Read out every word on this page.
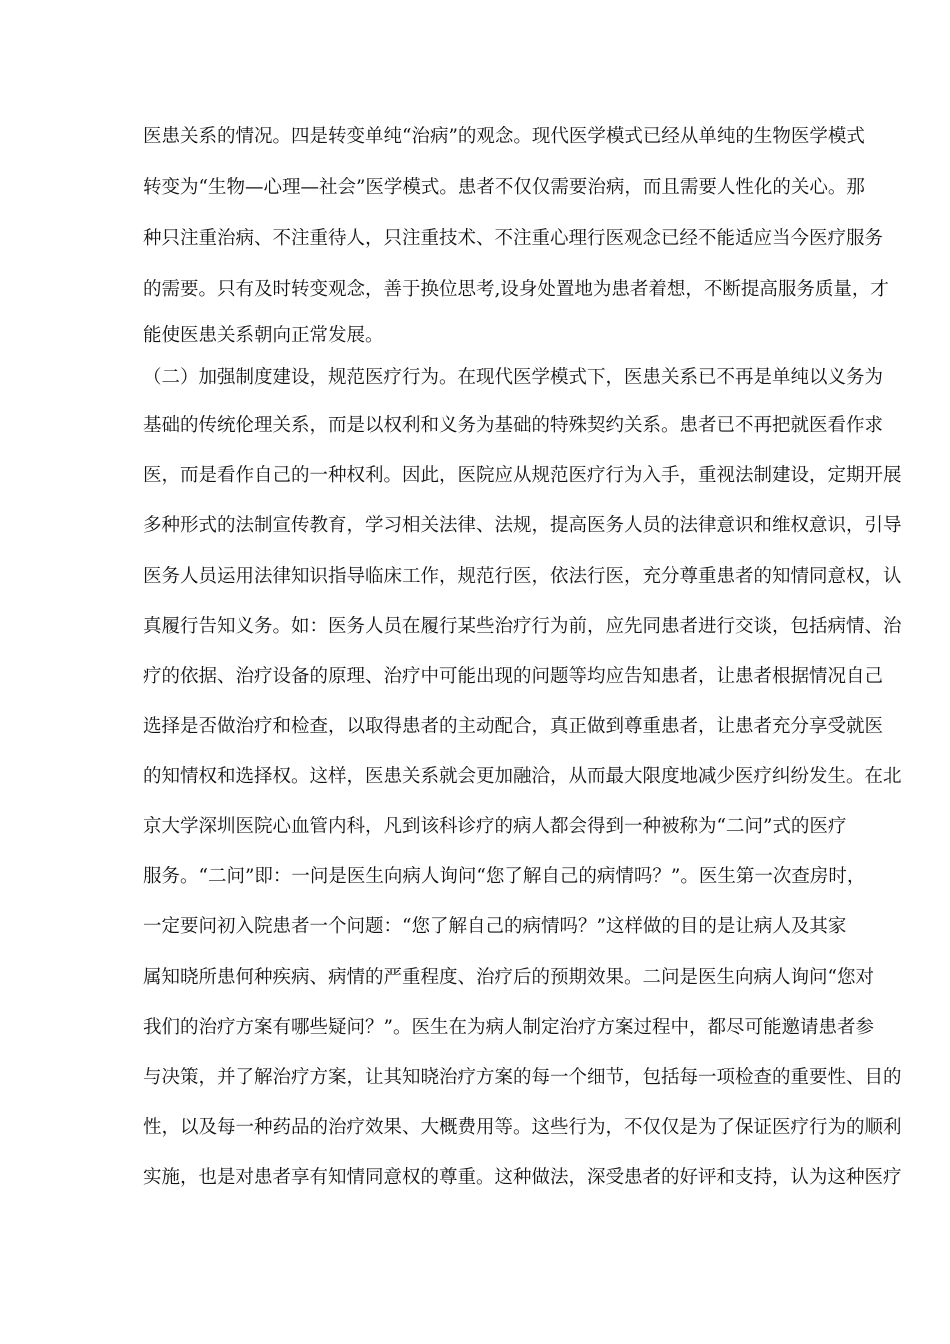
医患关系的情况。四是转变单纯“治病”的观念。现代医学模式已经从单纯的生物医学模式
转变为“生物—心理—社会”医学模式。患者不仅仅需要治病，而且需要人性化的关心。那
种只注重治病、不注重待人，只注重技术、不注重心理行医观念已经不能适应当今医疗服务
的需要。只有及时转变观念，善于换位思考,设身处置地为患者着想，不断提高服务质量，才
能使医患关系朝向正常发展。
（二）加强制度建设，规范医疗行为。在现代医学模式下，医患关系已不再是单纯以义务为
基础的传统伦理关系，而是以权利和义务为基础的特殊契约关系。患者已不再把就医看作求
医，而是看作自己的一种权利。因此，医院应从规范医疗行为入手，重视法制建设，定期开展
多种形式的法制宣传教育，学习相关法律、法规，提高医务人员的法律意识和维权意识，引导
医务人员运用法律知识指导临床工作，规范行医，依法行医，充分尊重患者的知情同意权，认
真履行告知义务。如：医务人员在履行某些治疗行为前，应先同患者进行交谈，包括病情、治
疗的依据、治疗设备的原理、治疗中可能出现的问题等均应告知患者，让患者根据情况自己
选择是否做治疗和检查，以取得患者的主动配合，真正做到尊重患者，让患者充分享受就医
的知情权和选择权。这样，医患关系就会更加融洽，从而最大限度地减少医疗纠纷发生。在北
京大学深圳医院心血管内科，凡到该科诊疗的病人都会得到一种被称为“二问”式的医疗
服务。“二问”即：一问是医生向病人询问“您了解自己的病情吗？”。医生第一次查房时，
一定要问初入院患者一个问题：“您了解自己的病情吗？”这样做的目的是让病人及其家
属知晓所患何种疾病、病情的严重程度、治疗后的预期效果。二问是医生向病人询问“您对
我们的治疗方案有哪些疑问？”。医生在为病人制定治疗方案过程中，都尽可能邀请患者参
与决策，并了解治疗方案，让其知晓治疗方案的每一个细节，包括每一项检查的重要性、目的
性，以及每一种药品的治疗效果、大概费用等。这些行为，不仅仅是为了保证医疗行为的顺利
实施，也是对患者享有知情同意权的尊重。这种做法，深受患者的好评和支持，认为这种医疗
